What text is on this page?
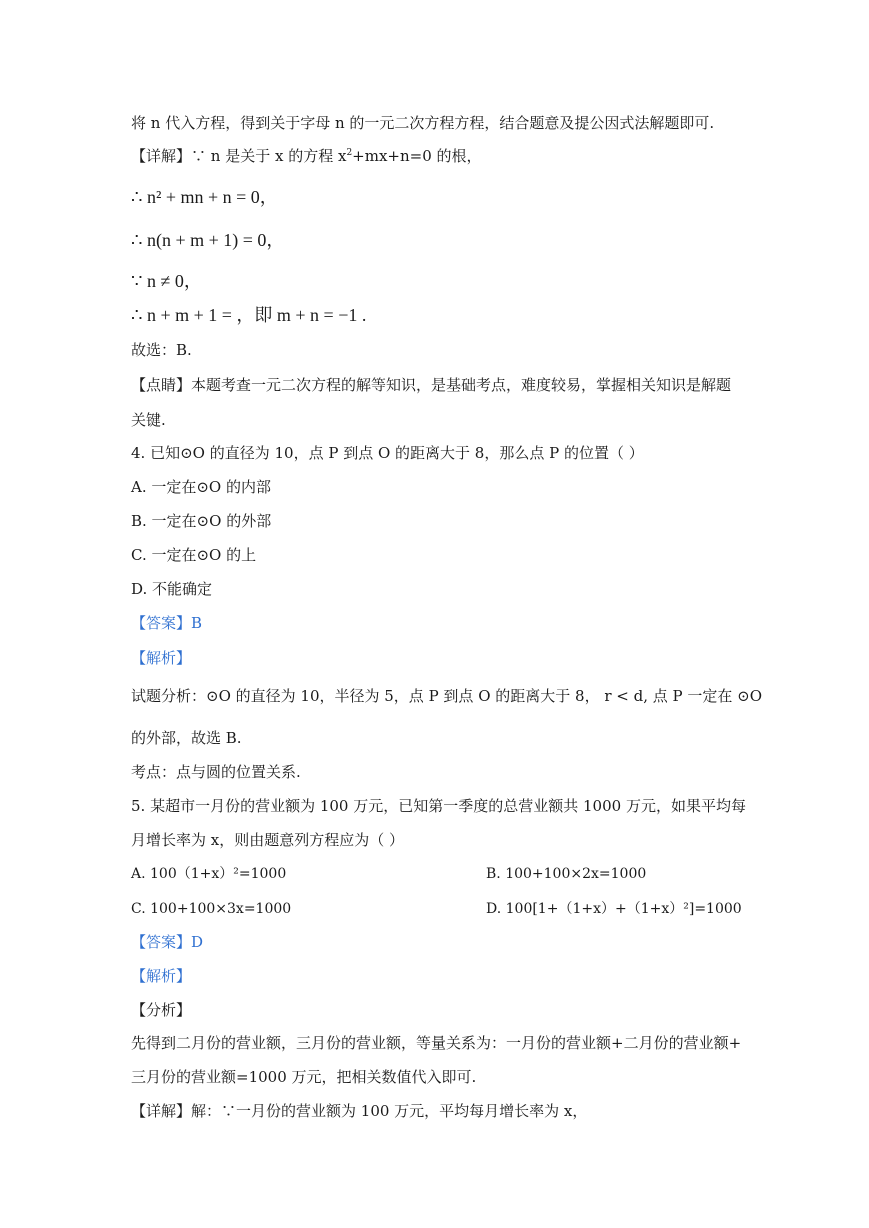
将 n 代入方程，得到关于字母 n 的一元二次方程方程，结合题意及提公因式法解题即可.
【详解】∵ n 是关于 x 的方程 $x^2+mx+n=0$ 的根，
∴ n² + mn + n = 0，
∴ n(n + m + 1) = 0，
∵ n ≠ 0，
∴ n + m + 1 = ，即 m + n = −1 .
故选：B.
【点睛】本题考查一元二次方程的解等知识，是基础考点，难度较易，掌握相关知识是解题
关键.
4. 已知⊙O 的直径为 10，点 P 到点 O 的距离大于 8，那么点 P 的位置（ ）
A. 一定在⊙O 的内部
B. 一定在⊙O 的外部
C. 一定在⊙O 的上
D. 不能确定
【答案】B
【解析】
试题分析：⊙O 的直径为 10，半径为 5，点 P 到点 O 的距离大于 8， r < d, 点 P 一定在 ⊙O
的外部，故选 B.
考点：点与圆的位置关系.
5. 某超市一月份的营业额为 100 万元，已知第一季度的总营业额共 1000 万元，如果平均每
月增长率为 x，则由题意列方程应为（ ）
A. 100（1+x）²=1000	B. 100+100×2x=1000
C. 100+100×3x=1000	D. 100[1+（1+x）+（1+x）²]=1000
【答案】D
【解析】
【分析】
先得到二月份的营业额，三月份的营业额，等量关系为：一月份的营业额+二月份的营业额+
三月份的营业额=1000 万元，把相关数值代入即可.
【详解】解：∵一月份的营业额为 100 万元，平均每月增长率为 x，
